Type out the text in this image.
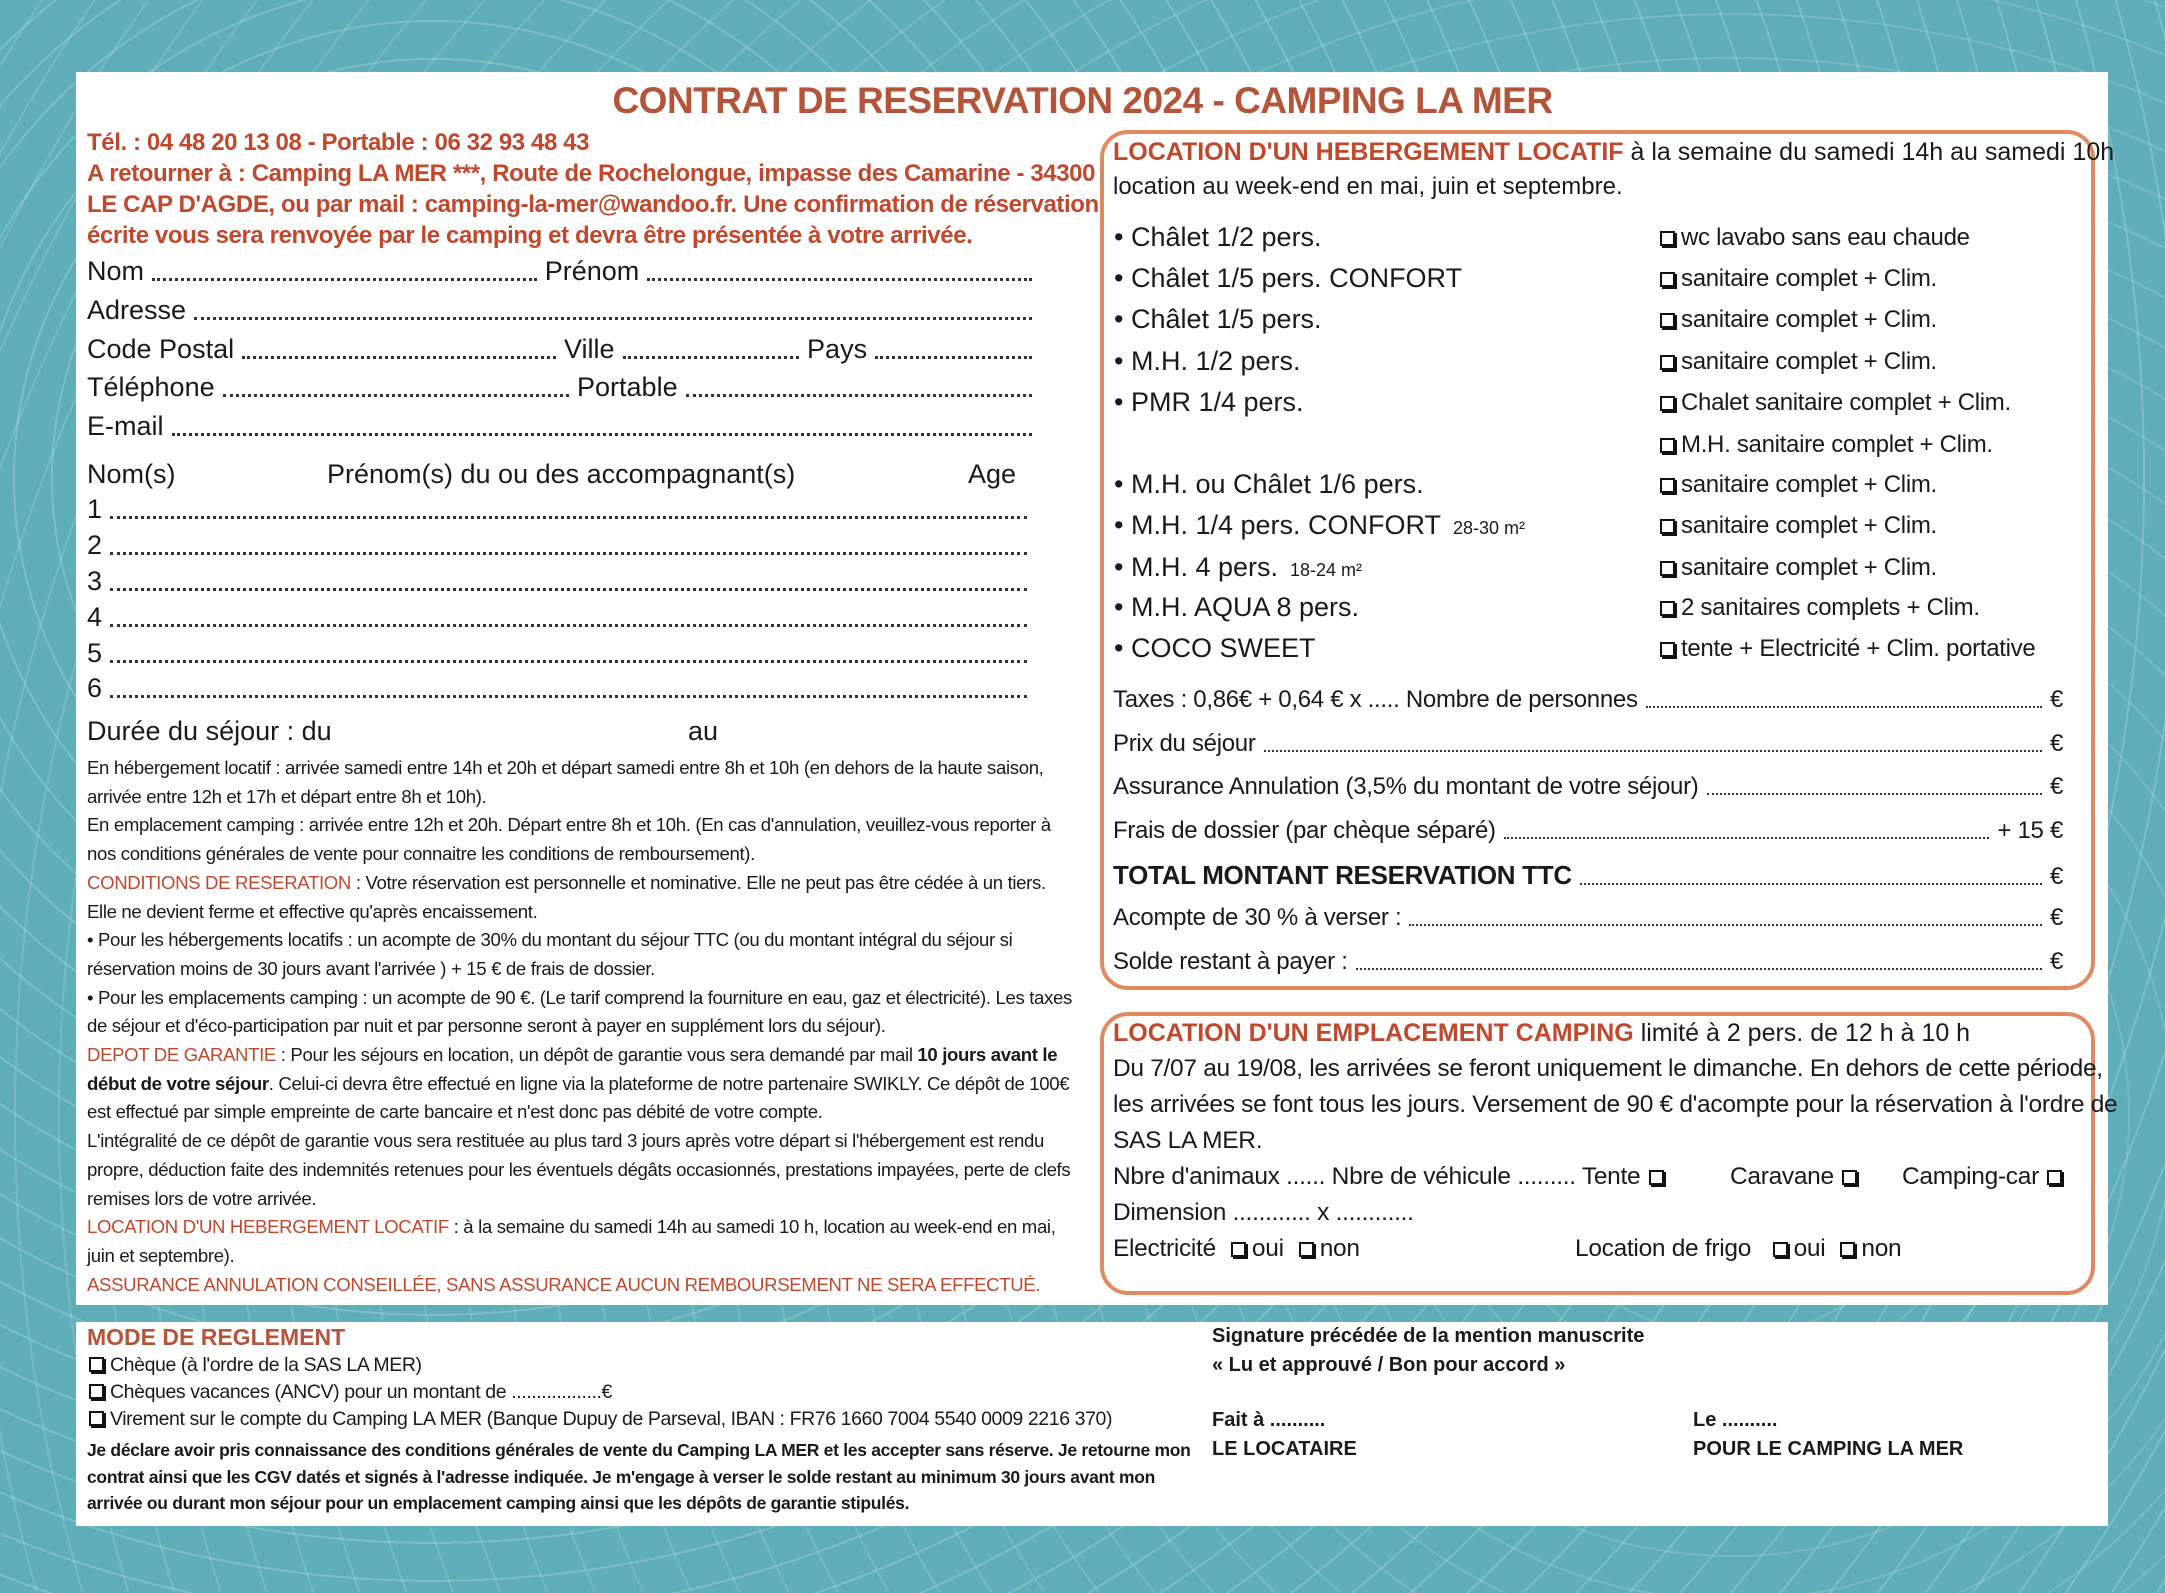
CONTRAT DE RESERVATION 2024 - CAMPING LA MER
Tél. : 04 48 20 13 08 - Portable : 06 32 93 48 43
A retourner à : Camping LA MER ***, Route de Rochelongue, impasse des Camarine - 34300
LE CAP D'AGDE, ou par mail : camping-la-mer@wandoo.fr. Une confirmation de réservation
écrite vous sera renvoyée par le camping et devra être présentée à votre arrivée.
Nom	Prénom
Adresse
Code Postal	Ville	Pays
Téléphone	Portable
E-mail
Nom(s)	Prénom(s) du ou des accompagnant(s)	Age
1
2
3
4
5
6
Durée du séjour : du	au
En hébergement locatif : arrivée samedi entre 14h et 20h et départ samedi entre 8h et 10h (en dehors de la haute saison, arrivée entre 12h et 17h et départ entre 8h et 10h).
En emplacement camping : arrivée entre 12h et 20h. Départ entre 8h et 10h. (En cas d'annulation, veuillez-vous reporter à nos conditions générales de vente pour connaitre les conditions de remboursement).
CONDITIONS DE RESERATION : Votre réservation est personnelle et nominative. Elle ne peut pas être cédée à un tiers. Elle ne devient ferme et effective qu'après encaissement.
• Pour les hébergements locatifs : un acompte de 30% du montant du séjour TTC (ou du montant intégral du séjour si réservation moins de 30 jours avant l'arrivée ) + 15 € de frais de dossier.
• Pour les emplacements camping : un acompte de 90 €. (Le tarif comprend la fourniture en eau, gaz et électricité). Les taxes de séjour et d'éco-participation par nuit et par personne seront à payer en supplément lors du séjour).
DEPOT DE GARANTIE : Pour les séjours en location, un dépôt de garantie vous sera demandé par mail 10 jours avant le début de votre séjour. Celui-ci devra être effectué en ligne via la plateforme de notre partenaire SWIKLY. Ce dépôt de 100€ est effectué par simple empreinte de carte bancaire et n'est donc pas débité de votre compte.
L'intégralité de ce dépôt de garantie vous sera restituée au plus tard 3 jours après votre départ si l'hébergement est rendu propre, déduction faite des indemnités retenues pour les éventuels dégâts occasionnés, prestations impayées, perte de clefs remises lors de votre arrivée.
LOCATION D'UN HEBERGEMENT LOCATIF : à la semaine du samedi 14h au samedi 10 h, location au week-end en mai, juin et septembre).
ASSURANCE ANNULATION CONSEILLÉE, SANS ASSURANCE AUCUN REMBOURSEMENT NE SERA EFFECTUÉ.
LOCATION D'UN HEBERGEMENT LOCATIF à la semaine du samedi 14h au samedi 10h
location au week-end en mai, juin et septembre.
• Châlet 1/2 pers.	wc lavabo sans eau chaude
• Châlet 1/5 pers. CONFORT	sanitaire complet + Clim.
• Châlet 1/5 pers.	sanitaire complet + Clim.
• M.H. 1/2 pers.	sanitaire complet + Clim.
• PMR 1/4 pers.	Chalet sanitaire complet + Clim.
M.H. sanitaire complet + Clim.
• M.H. ou Châlet 1/6 pers.	sanitaire complet + Clim.
• M.H. 1/4 pers. CONFORT 28-30 m²	sanitaire complet + Clim.
• M.H. 4 pers. 18-24 m²	sanitaire complet + Clim.
• M.H. AQUA 8 pers.	2 sanitaires complets + Clim.
• COCO SWEET	tente + Electricité + Clim. portative
Taxes : 0,86€ + 0,64 € x ..... Nombre de personnes	€
Prix du séjour	€
Assurance Annulation (3,5% du montant de votre séjour)	€
Frais de dossier (par chèque séparé)	+ 15 €
TOTAL MONTANT RESERVATION TTC	€
Acompte de 30 % à verser :	€
Solde restant à payer :	€
LOCATION D'UN EMPLACEMENT CAMPING limité à 2 pers. de 12 h à 10 h
Du 7/07 au 19/08, les arrivées se feront uniquement le dimanche. En dehors de cette période,
les arrivées se font tous les jours. Versement de 90 € d'acompte pour la réservation à l'ordre de
SAS LA MER.
Nbre d'animaux ...... Nbre de véhicule ......... Tente	Caravane	Camping-car
Dimension ............ x ............
Electricité oui non	Location de frigo oui non
MODE DE REGLEMENT
Chèque (à l'ordre de la SAS LA MER)
Chèques vacances (ANCV) pour un montant de ..................€
Virement sur le compte du Camping LA MER (Banque Dupuy de Parseval, IBAN : FR76 1660 7004 5540 0009 2216 370)
Je déclare avoir pris connaissance des conditions générales de vente du Camping LA MER et les accepter sans réserve. Je retourne mon contrat ainsi que les CGV datés et signés à l'adresse indiquée. Je m'engage à verser le solde restant au minimum 30 jours avant mon arrivée ou durant mon séjour pour un emplacement camping ainsi que les dépôts de garantie stipulés.
Signature précédée de la mention manuscrite
« Lu et approuvé / Bon pour accord »
Fait à ..........
LE LOCATAIRE
Le ..........
POUR LE CAMPING LA MER
